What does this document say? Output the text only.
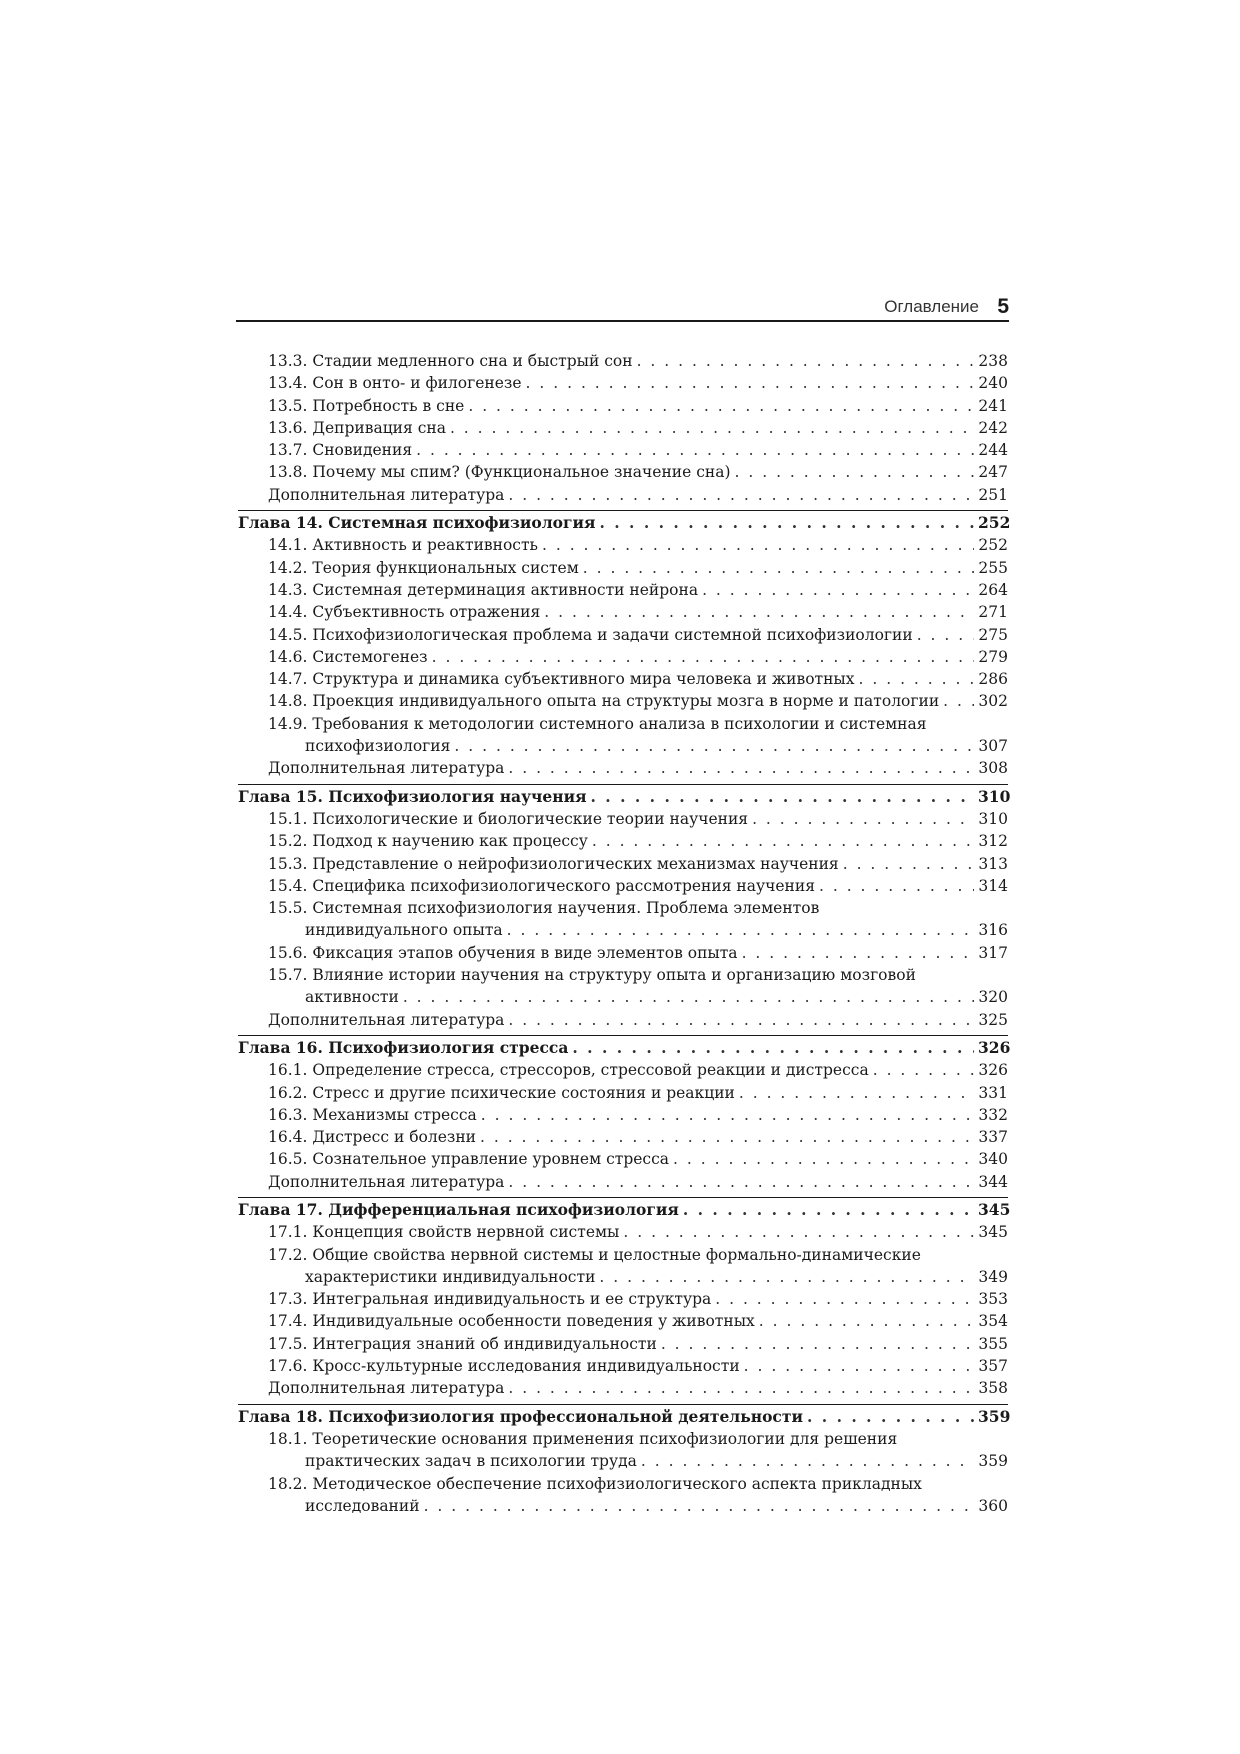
Оглавление 5
13.3. Стадии медленного сна и быстрый сон . . .	238
13.4. Сон в онто- и филогенезе . . .	240
13.5. Потребность в сне . . .	241
13.6. Депривация сна . . .	242
13.7. Сновидения . . .	244
13.8. Почему мы спим? (Функциональное значение сна) . . .	247
Дополнительная литература . . .	251
Глава 14. Системная психофизиология . . .	252
14.1. Активность и реактивность . . .	252
14.2. Теория функциональных систем . . .	255
14.3. Системная детерминация активности нейрона . . .	264
14.4. Субъективность отражения . . .	271
14.5. Психофизиологическая проблема и задачи системной психофизиологии . . .	275
14.6. Системогенез . . .	279
14.7. Структура и динамика субъективного мира человека и животных . . .	286
14.8. Проекция индивидуального опыта на структуры мозга в норме и патологии . . .	302
14.9. Требования к методологии системного анализа в психологии и системная
психофизиология . . .	307
Дополнительная литература . . .	308
Глава 15. Психофизиология научения . . .	310
15.1. Психологические и биологические теории научения . . .	310
15.2. Подход к научению как процессу . . .	312
15.3. Представление о нейрофизиологических механизмах научения . . .	313
15.4. Специфика психофизиологического рассмотрения научения . . .	314
15.5. Системная психофизиология научения. Проблема элементов
индивидуального опыта . . .	316
15.6. Фиксация этапов обучения в виде элементов опыта . . .	317
15.7. Влияние истории научения на структуру опыта и организацию мозговой
активности . . .	320
Дополнительная литература . . .	325
Глава 16. Психофизиология стресса . . .	326
16.1. Определение стресса, стрессоров, стрессовой реакции и дистресса . . .	326
16.2. Стресс и другие психические состояния и реакции . . .	331
16.3. Механизмы стресса . . .	332
16.4. Дистресс и болезни . . .	337
16.5. Сознательное управление уровнем стресса . . .	340
Дополнительная литература . . .	344
Глава 17. Дифференциальная психофизиология . . .	345
17.1. Концепция свойств нервной системы . . .	345
17.2. Общие свойства нервной системы и целостные формально-динамические
характеристики индивидуальности . . .	349
17.3. Интегральная индивидуальность и ее структура . . .	353
17.4. Индивидуальные особенности поведения у животных . . .	354
17.5. Интеграция знаний об индивидуальности . . .	355
17.6. Кросс-культурные исследования индивидуальности . . .	357
Дополнительная литература . . .	358
Глава 18. Психофизиология профессиональной деятельности . . .	359
18.1. Теоретические основания применения психофизиологии для решения
практических задач в психологии труда . . .	359
18.2. Методическое обеспечение психофизиологического аспекта прикладных
исследований . . .	360
